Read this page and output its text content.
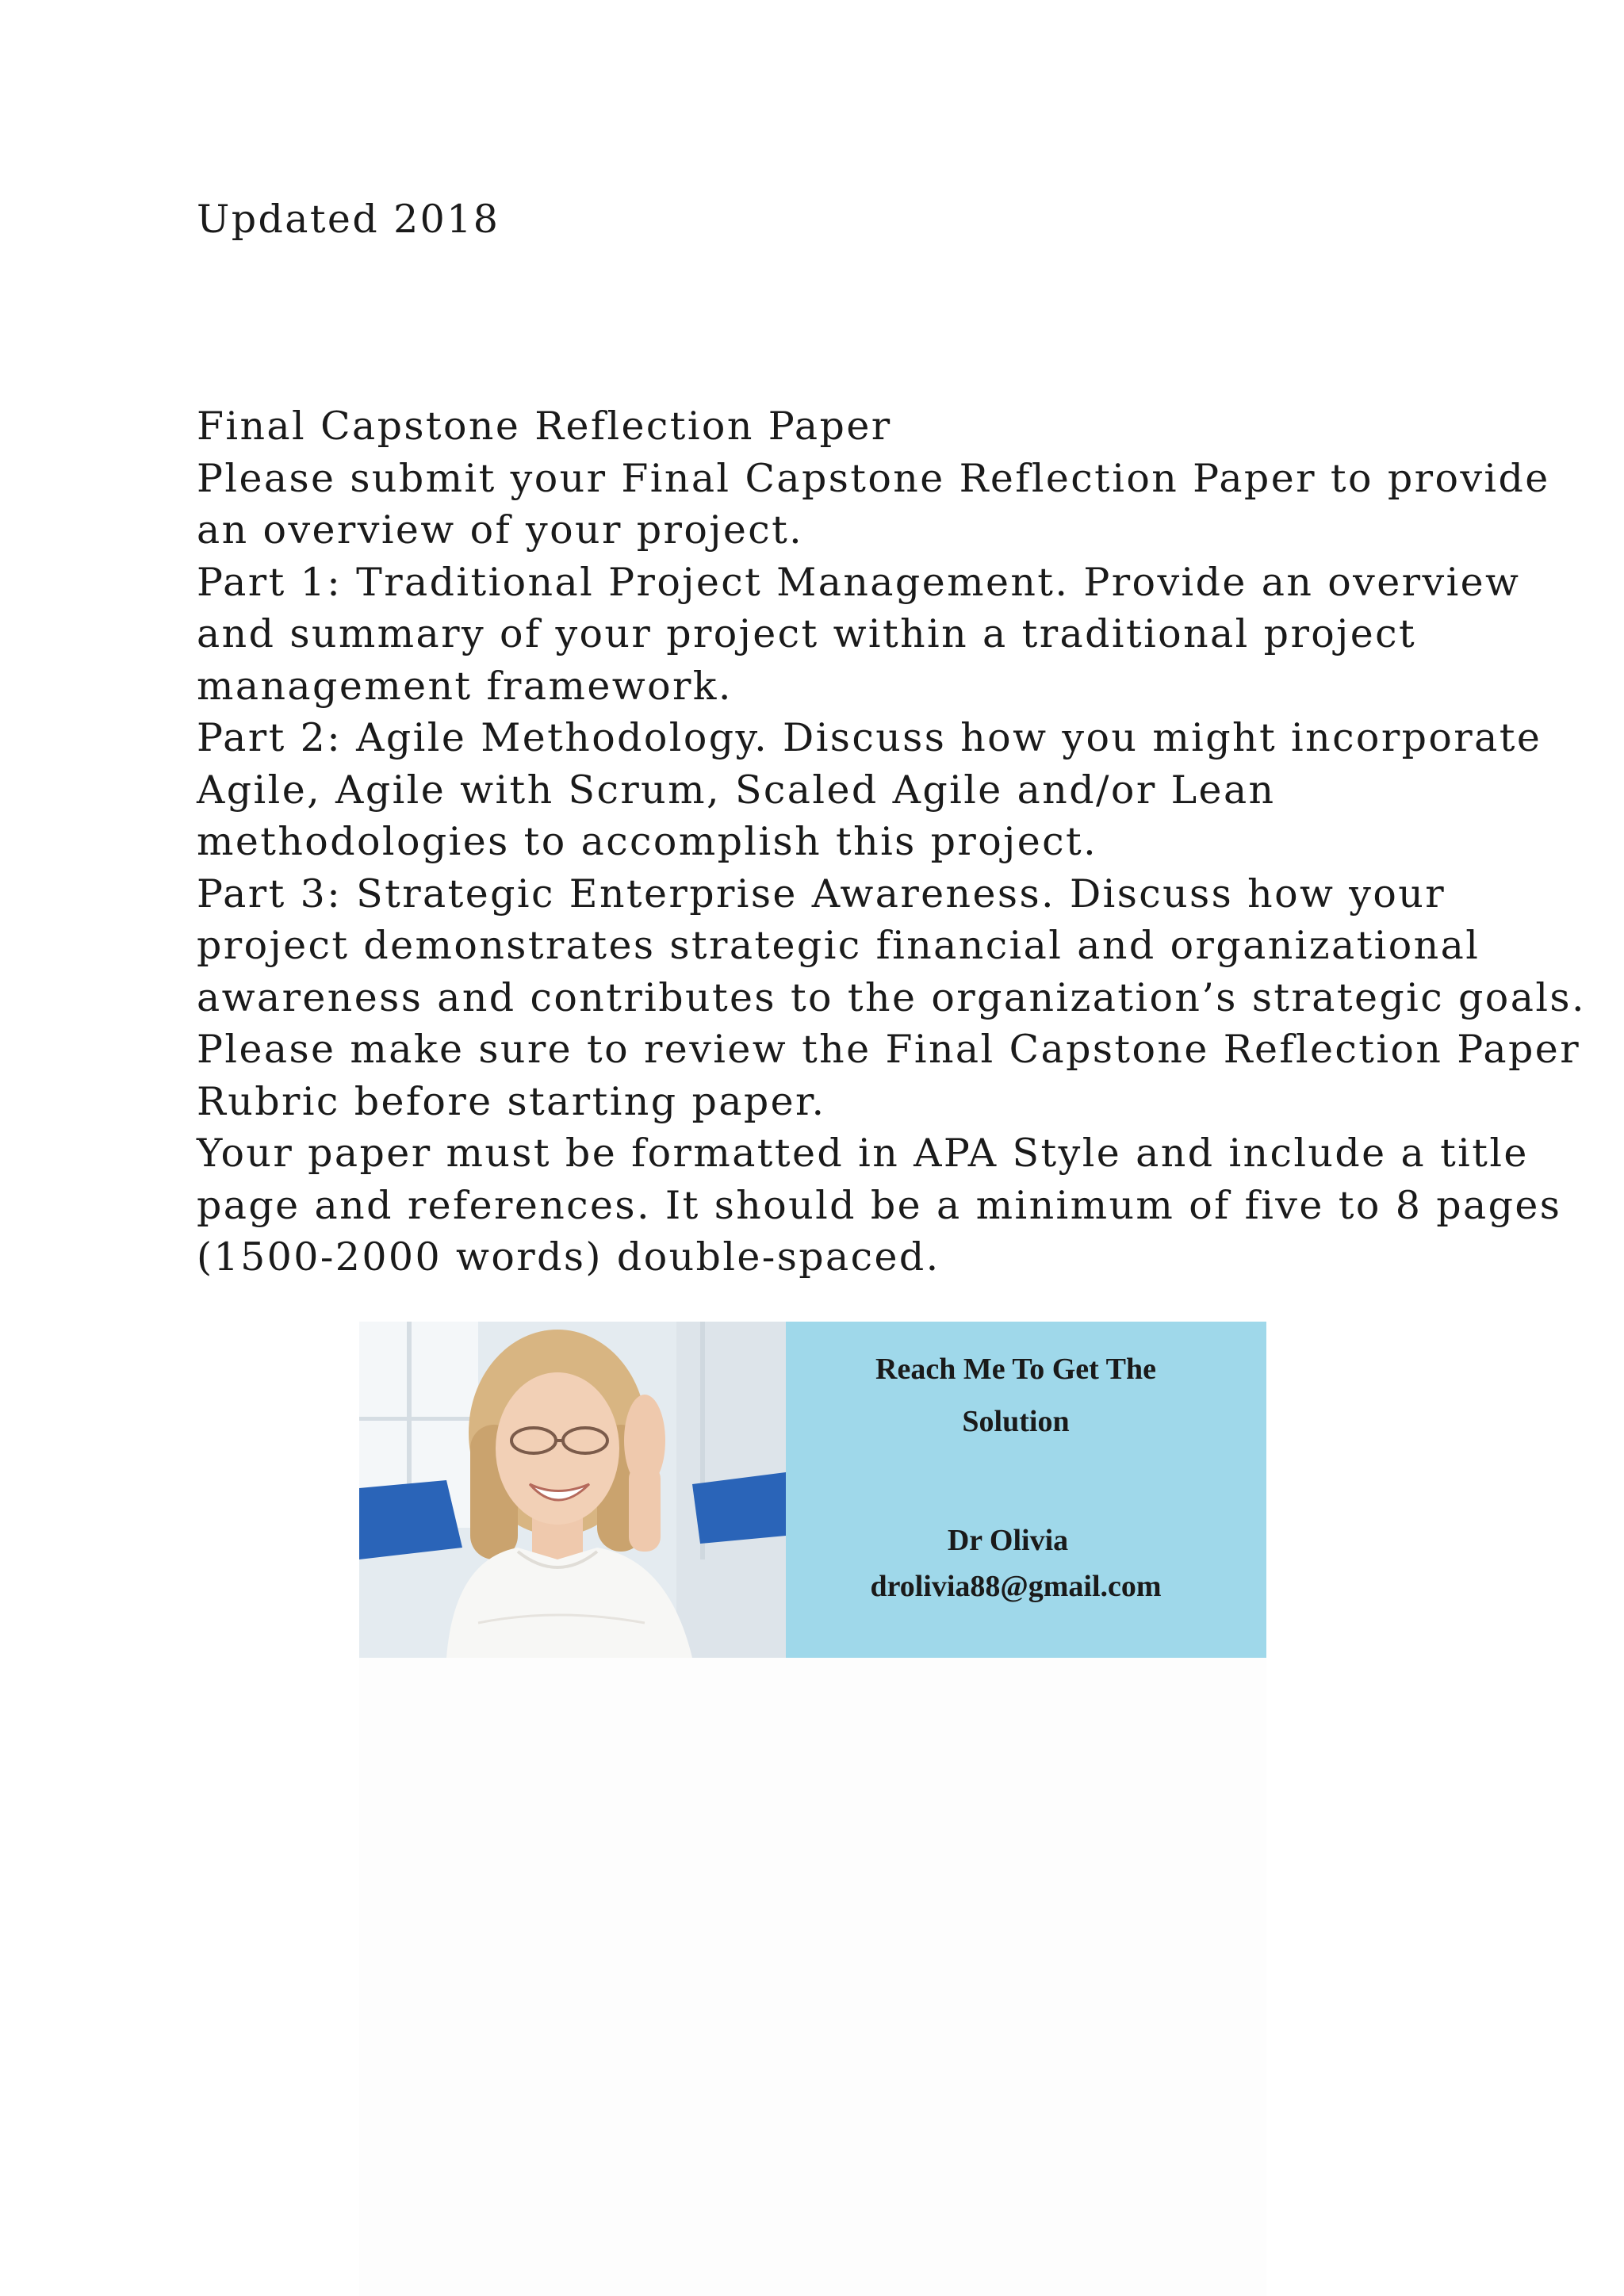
Updated 2018
Final Capstone Reflection Paper
Please submit your Final Capstone Reflection Paper to provide
an overview of your project.
Part 1: Traditional Project Management. Provide an overview
and summary of your project within a traditional project
management framework.
Part 2: Agile Methodology. Discuss how you might incorporate
Agile, Agile with Scrum, Scaled Agile and/or Lean
methodologies to accomplish this project.
Part 3: Strategic Enterprise Awareness. Discuss how your
project demonstrates strategic financial and organizational
awareness and contributes to the organization’s strategic goals.
Please make sure to review the Final Capstone Reflection Paper
Rubric before starting paper.
Your paper must be formatted in APA Style and include a title
page and references. It should be a minimum of five to 8 pages
(1500-2000 words) double-spaced.
Reach Me To Get The
Solution
Dr Olivia
drolivia88@gmail.com
